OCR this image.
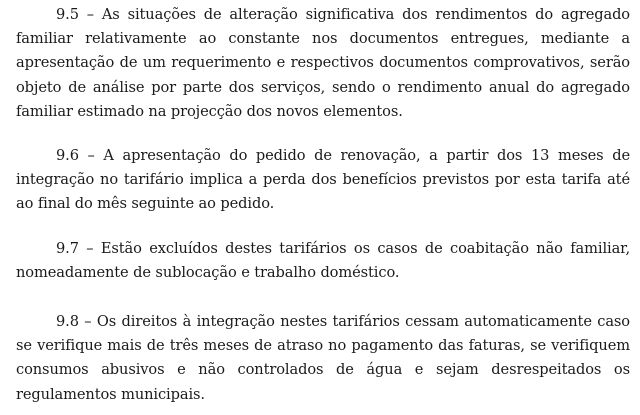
9.5 – As situações de alteração significativa dos rendimentos do agregado familiar relativamente ao constante nos documentos entregues, mediante a apresentação de um requerimento e respectivos documentos comprovativos, serão objeto de análise por parte dos serviços, sendo o rendimento anual do agregado familiar estimado na projecção dos novos elementos.

9.6 – A apresentação do pedido de renovação, a partir dos 13 meses de integração no tarifário implica a perda dos benefícios previstos por esta tarifa até ao final do mês seguinte ao pedido.

9.7 – Estão excluídos destes tarifários os casos de coabitação não familiar, nomeadamente de sublocação e trabalho doméstico.

9.8 – Os direitos à integração nestes tarifários cessam automaticamente caso se verifique mais de três meses de atraso no pagamento das faturas, se verifiquem consumos abusivos e não controlados de água e sejam desrespeitados os regulamentos municipais.
